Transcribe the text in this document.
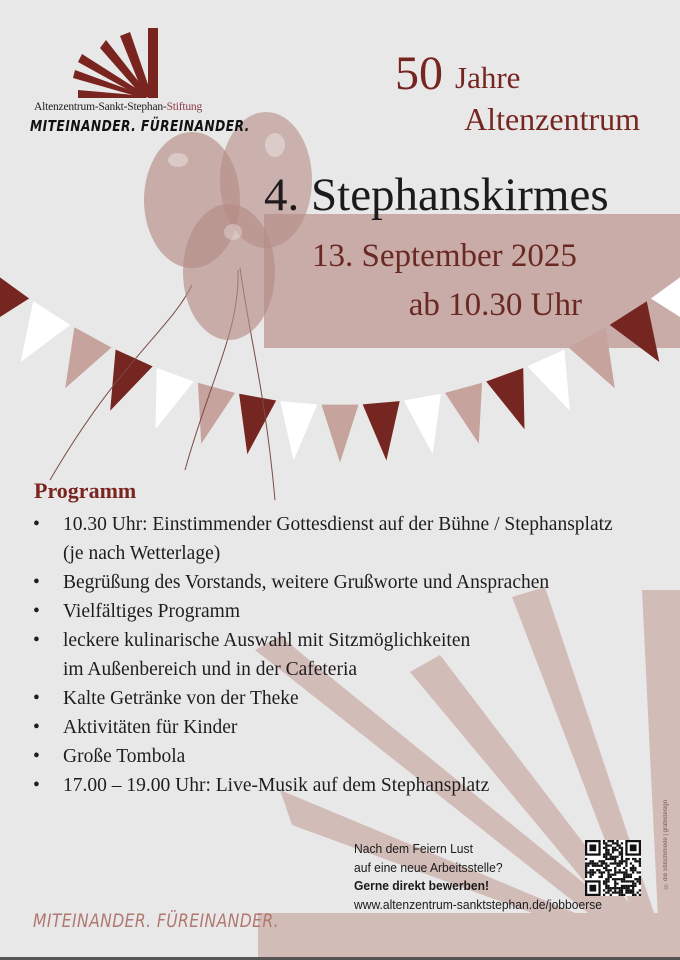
Altenzentrum-Sankt-Stephan-Stiftung
MITEINANDER. FÜREINANDER.
50 Jahre
Altenzentrum
4. Stephanskirmes
13. September 2025
ab 10.30 Uhr
Programm
• 10.30 Uhr: Einstimmender Gottesdienst auf der Bühne / Stephansplatz
(je nach Wetterlage)
• Begrüßung des Vorstands, weitere Grußworte und Ansprachen
• Vielfältiges Programm
• leckere kulinarische Auswahl mit Sitzmöglichkeiten
im Außenbereich und in der Cafeteria
• Kalte Getränke von der Theke
• Aktivitäten für Kinder
• Große Tombola
• 17.00 – 19.00 Uhr: Live-Musik auf dem Stephansplatz
Nach dem Feiern Lust
auf eine neue Arbeitsstelle?
Gerne direkt bewerben!
www.altenzentrum-sanktstephan.de/jobboerse
MITEINANDER. FÜREINANDER.
© die Stilschmiede | grafikdesign
